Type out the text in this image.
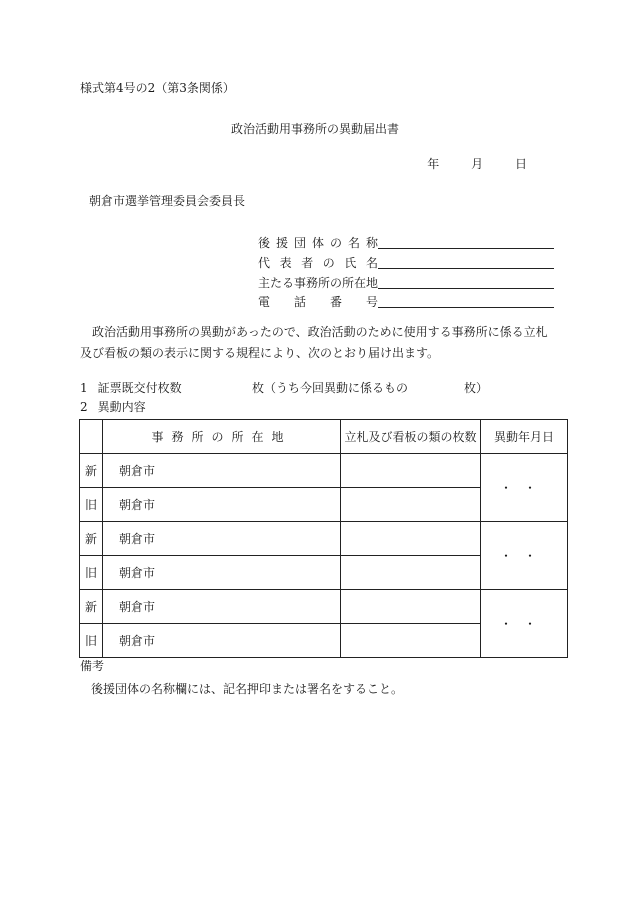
様式第4号の2（第3条関係）
政治活動用事務所の異動届出書
年	月	日
朝倉市選挙管理委員会委員長
後援団体の名称
代表者の氏名
主たる事務所の所在地
電話番号
政治活動用事務所の異動があったので、政治活動のために使用する事務所に係る立札及び看板の類の表示に関する規程により、次のとおり届け出ます。
1 証票既交付枚数	枚（うち今回異動に係るもの	枚）
2 異動内容
	事務所の所在地	立札及び看板の類の枚数	異動年月日
新	朝倉市		・・
旧	朝倉市		
新	朝倉市		・・
旧	朝倉市		
新	朝倉市		・・
旧	朝倉市		
備考
後援団体の名称欄には、記名押印または署名をすること。
